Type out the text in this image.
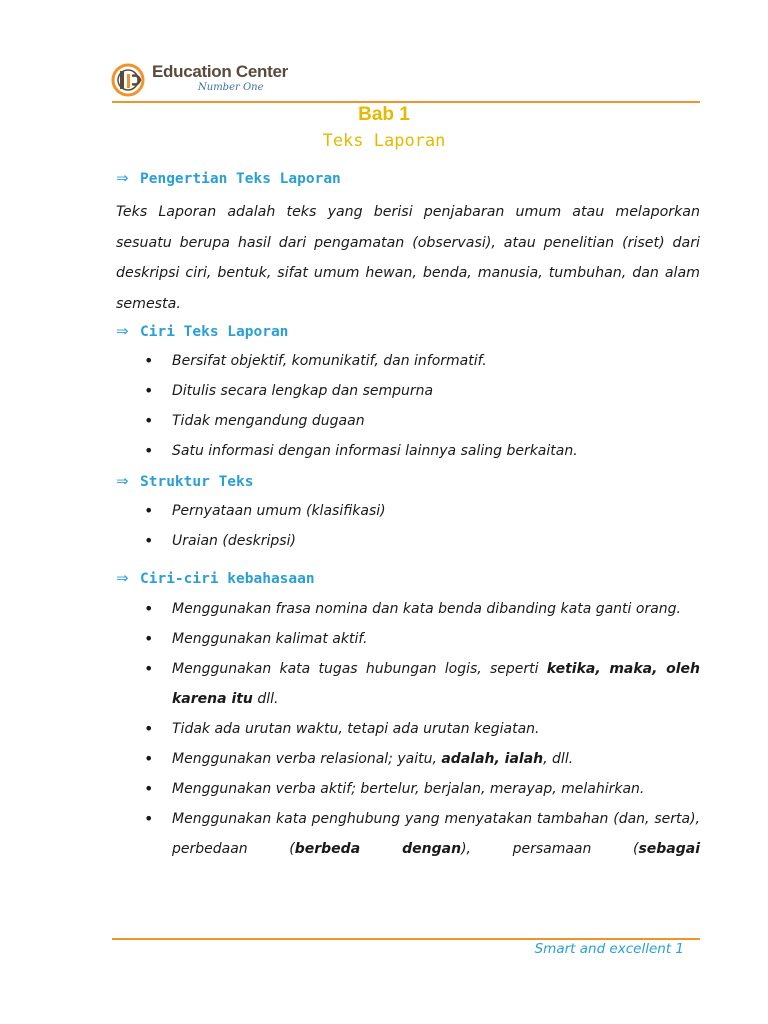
Education Center
Number One
Bab 1
Teks Laporan
⇒ Pengertian Teks Laporan
Teks Laporan adalah teks yang berisi penjabaran umum atau melaporkan sesuatu berupa hasil dari pengamatan (observasi), atau penelitian (riset) dari deskripsi ciri, bentuk, sifat umum hewan, benda, manusia, tumbuhan, dan alam semesta.
⇒ Ciri Teks Laporan
• Bersifat objektif, komunikatif, dan informatif.
• Ditulis secara lengkap dan sempurna
• Tidak mengandung dugaan
• Satu informasi dengan informasi lainnya saling berkaitan.
⇒ Struktur Teks
• Pernyataan umum (klasifikasi)
• Uraian (deskripsi)
⇒ Ciri-ciri kebahasaan
• Menggunakan frasa nomina dan kata benda dibanding kata ganti orang.
• Menggunakan kalimat aktif.
• Menggunakan kata tugas hubungan logis, seperti ketika, maka, oleh karena itu dll.
• Tidak ada urutan waktu, tetapi ada urutan kegiatan.
• Menggunakan verba relasional; yaitu, adalah, ialah, dll.
• Menggunakan verba aktif; bertelur, berjalan, merayap, melahirkan.
• Menggunakan kata penghubung yang menyatakan tambahan (dan, serta), perbedaan (berbeda dengan), persamaan (sebagai
Smart and excellent 1
